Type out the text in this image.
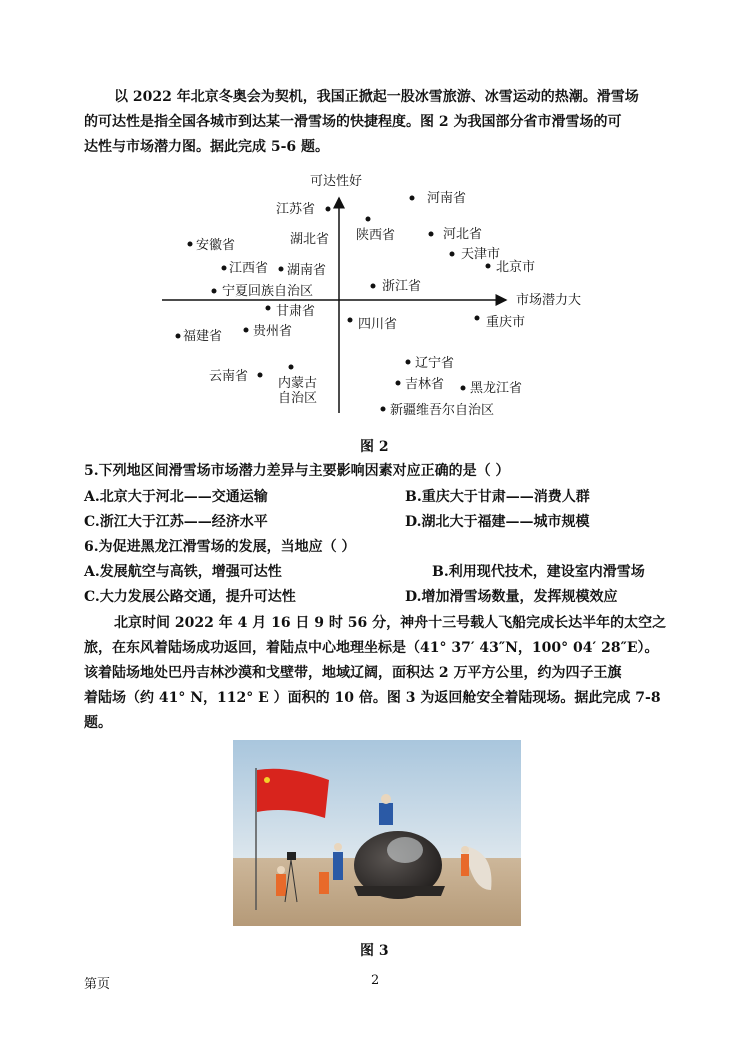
以 2022 年北京冬奥会为契机，我国正掀起一股冰雪旅游、冰雪运动的热潮。滑雪场
的可达性是指全国各城市到达某一滑雪场的快捷程度。图 2 为我国部分省市滑雪场的可
达性与市场潜力图。据此完成 5-6 题。
可达性好
市场潜力大
河南省
江苏省
湖北省 陕西省	河北省
天津市
北京市
安徽省
江西省 湖南省
宁夏回族自治区	浙江省
甘肃省
贵州省
福建省
四川省	重庆市
辽宁省
云南省 内蒙古
自治区
吉林省 黑龙江省
新疆维吾尔自治区
图 2
5.下列地区间滑雪场市场潜力差异与主要影响因素对应正确的是（ ）
A.北京大于河北——交通运输	B.重庆大于甘肃——消费人群
C.浙江大于江苏——经济水平	D.湖北大于福建——城市规模
6.为促进黑龙江滑雪场的发展，当地应（ ）
A.发展航空与高铁，增强可达性	B.利用现代技术，建设室内滑雪场
C.大力发展公路交通，提升可达性	D.增加滑雪场数量，发挥规模效应
北京时间 2022 年 4 月 16 日 9 时 56 分，神舟十三号载人飞船完成长达半年的太空之
旅，在东风着陆场成功返回，着陆点中心地理坐标是（41° 37′ 43″N，100° 04′ 28″E）。
该着陆场地处巴丹吉林沙漠和戈壁带，地域辽阔，面积达 2 万平方公里，约为四子王旗
着陆场（约 41° N，112° E ）面积的 10 倍。图 3 为返回舱安全着陆现场。据此完成 7-8
题。
图 3
第页	2
